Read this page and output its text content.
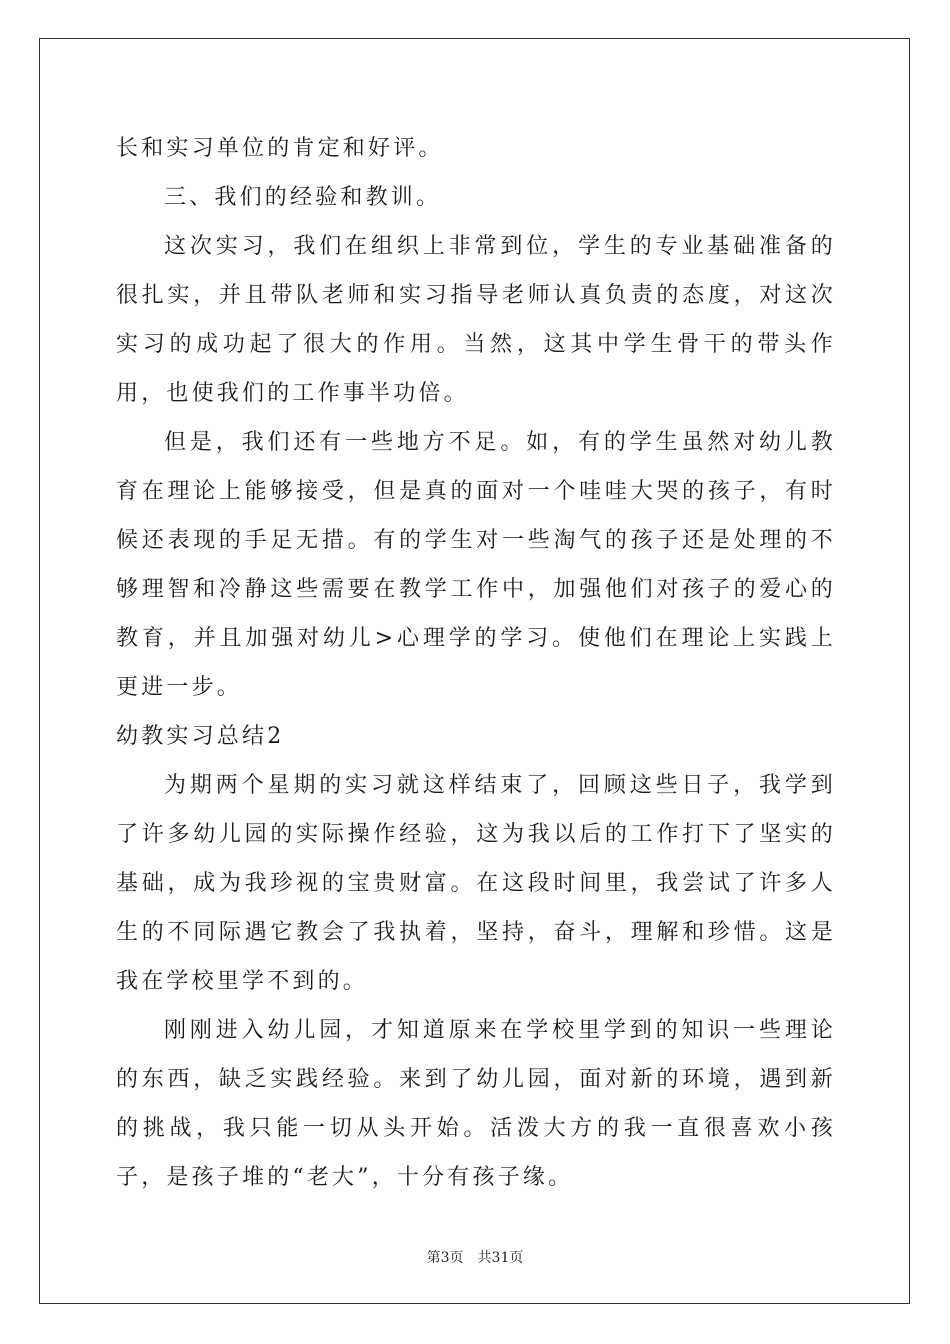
长和实习单位的肯定和好评。

三、我们的经验和教训。

这次实习，我们在组织上非常到位，学生的专业基础准备的很扎实，并且带队老师和实习指导老师认真负责的态度，对这次实习的成功起了很大的作用。当然，这其中学生骨干的带头作用，也使我们的工作事半功倍。

但是，我们还有一些地方不足。如，有的学生虽然对幼儿教育在理论上能够接受，但是真的面对一个哇哇大哭的孩子，有时候还表现的手足无措。有的学生对一些淘气的孩子还是处理的不够理智和冷静这些需要在教学工作中，加强他们对孩子的爱心的教育，并且加强对幼儿>心理学的学习。使他们在理论上实践上更进一步。

幼教实习总结2

为期两个星期的实习就这样结束了，回顾这些日子，我学到了许多幼儿园的实际操作经验，这为我以后的工作打下了坚实的基础，成为我珍视的宝贵财富。在这段时间里，我尝试了许多人生的不同际遇它教会了我执着，坚持，奋斗，理解和珍惜。这是我在学校里学不到的。

刚刚进入幼儿园，才知道原来在学校里学到的知识一些理论的东西，缺乏实践经验。来到了幼儿园，面对新的环境，遇到新的挑战，我只能一切从头开始。活泼大方的我一直很喜欢小孩子，是孩子堆的“老大”，十分有孩子缘。

第3页 共31页
